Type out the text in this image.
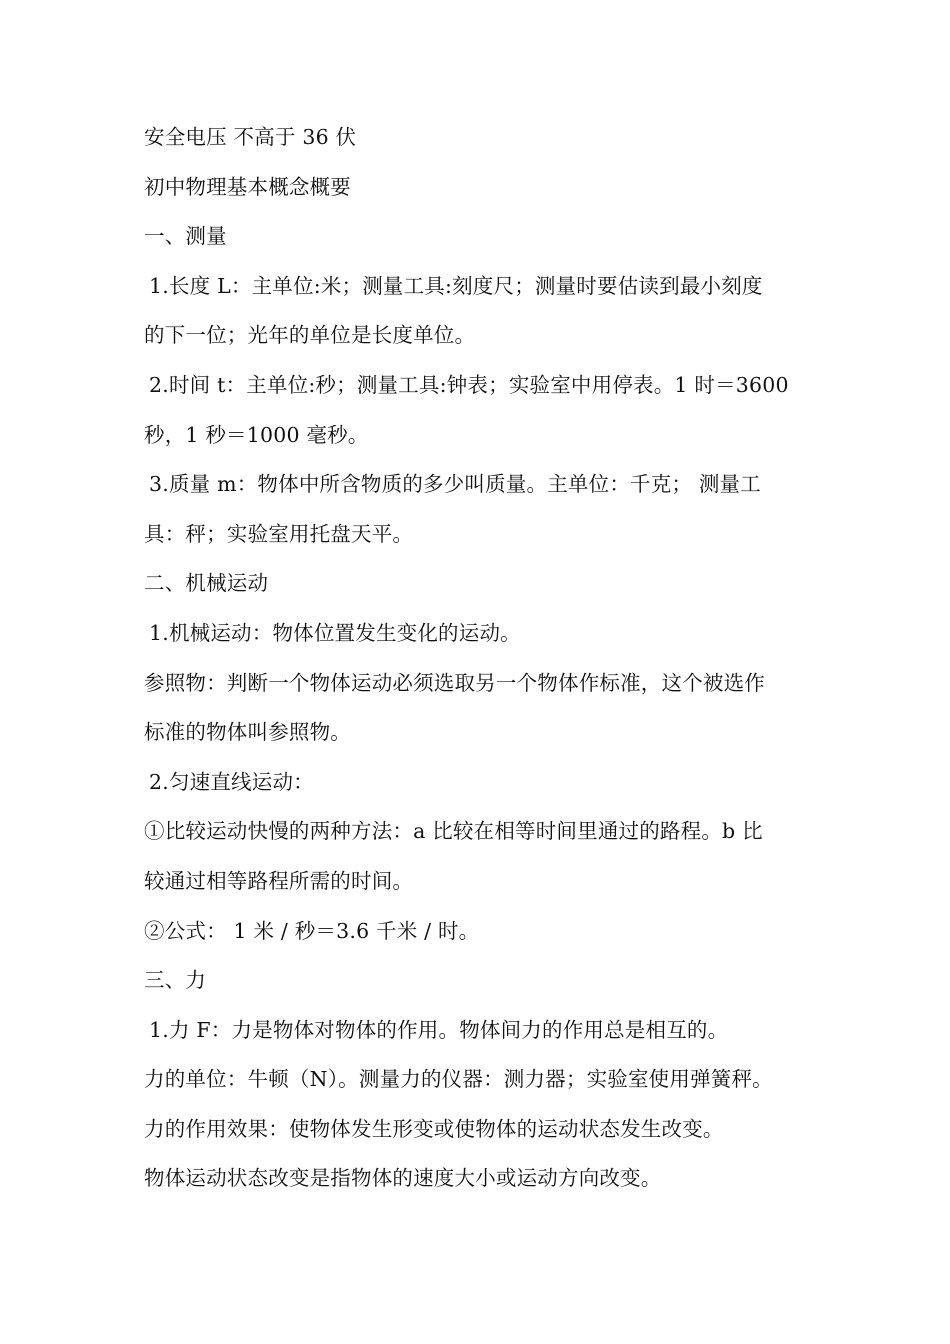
安全电压 不高于 36 伏
初中物理基本概念概要
一、测量
1.长度 L：主单位:米；测量工具:刻度尺；测量时要估读到最小刻度
的下一位；光年的单位是长度单位。
2.时间 t：主单位:秒；测量工具:钟表；实验室中用停表。1 时＝3600
秒，1 秒＝1000 毫秒。
3.质量 m：物体中所含物质的多少叫质量。主单位：千克； 测量工
具：秤；实验室用托盘天平。
二、机械运动
1.机械运动：物体位置发生变化的运动。
参照物：判断一个物体运动必须选取另一个物体作标准，这个被选作
标准的物体叫参照物。
2.匀速直线运动：
①比较运动快慢的两种方法：a 比较在相等时间里通过的路程。b 比
较通过相等路程所需的时间。
②公式： 1 米 / 秒＝3.6 千米 / 时。
三、力
1.力 F：力是物体对物体的作用。物体间力的作用总是相互的。
力的单位：牛顿（N）。测量力的仪器：测力器；实验室使用弹簧秤。
力的作用效果：使物体发生形变或使物体的运动状态发生改变。
物体运动状态改变是指物体的速度大小或运动方向改变。
